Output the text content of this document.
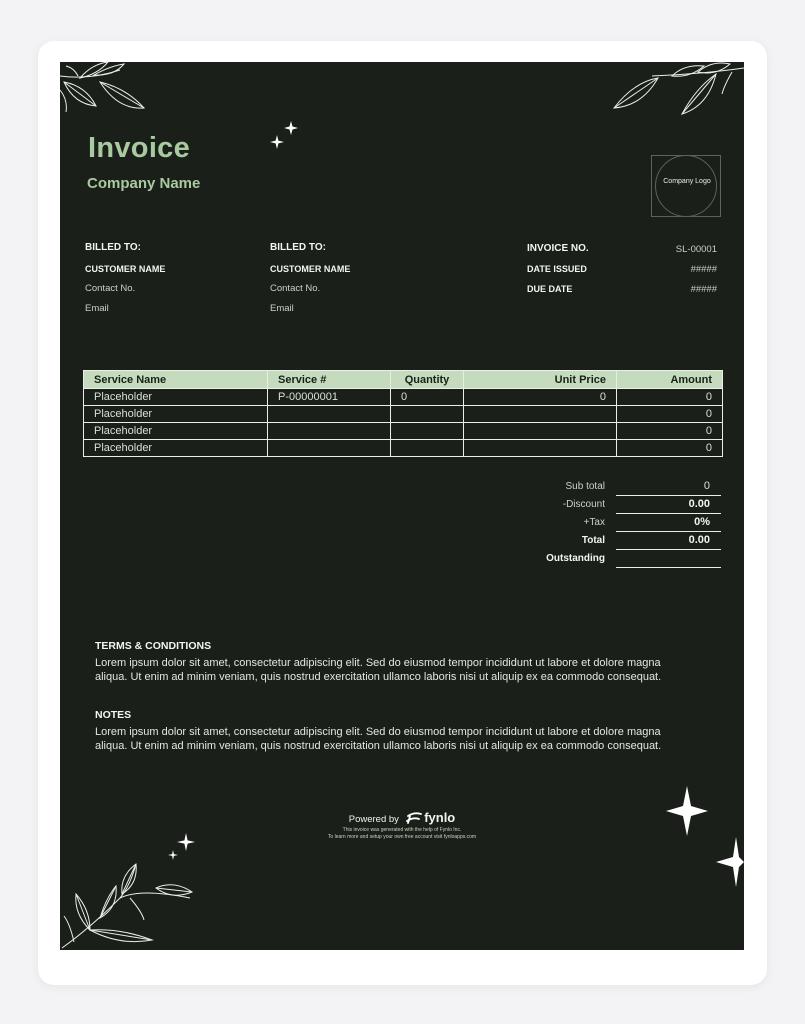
Invoice
Company Name	Company Logo
BILLED TO:
CUSTOMER NAME
Contact No.
Email
BILLED TO:
CUSTOMER NAME
Contact No.
Email
INVOICE NO.	SL-00001
DATE ISSUED	#####
DUE DATE	#####
Service Name	Service #	Quantity	Unit Price	Amount
Placeholder	P-00000001	0	0	0
Placeholder				0
Placeholder				0
Placeholder				0
Sub total	0
-Discount	0.00
+Tax	0%
Total	0.00
Outstanding
TERMS & CONDITIONS
Lorem ipsum dolor sit amet, consectetur adipiscing elit. Sed do eiusmod tempor incididunt ut labore et dolore magna aliqua. Ut enim ad minim veniam, quis nostrud exercitation ullamco laboris nisi ut aliquip ex ea commodo consequat.
NOTES
Lorem ipsum dolor sit amet, consectetur adipiscing elit. Sed do eiusmod tempor incididunt ut labore et dolore magna aliqua. Ut enim ad minim veniam, quis nostrud exercitation ullamco laboris nisi ut aliquip ex ea commodo consequat.
Powered by fynlo
This invoice was generated with the help of Fynlo Inc.
To learn more and setup your own free account visit fynloapps.com
